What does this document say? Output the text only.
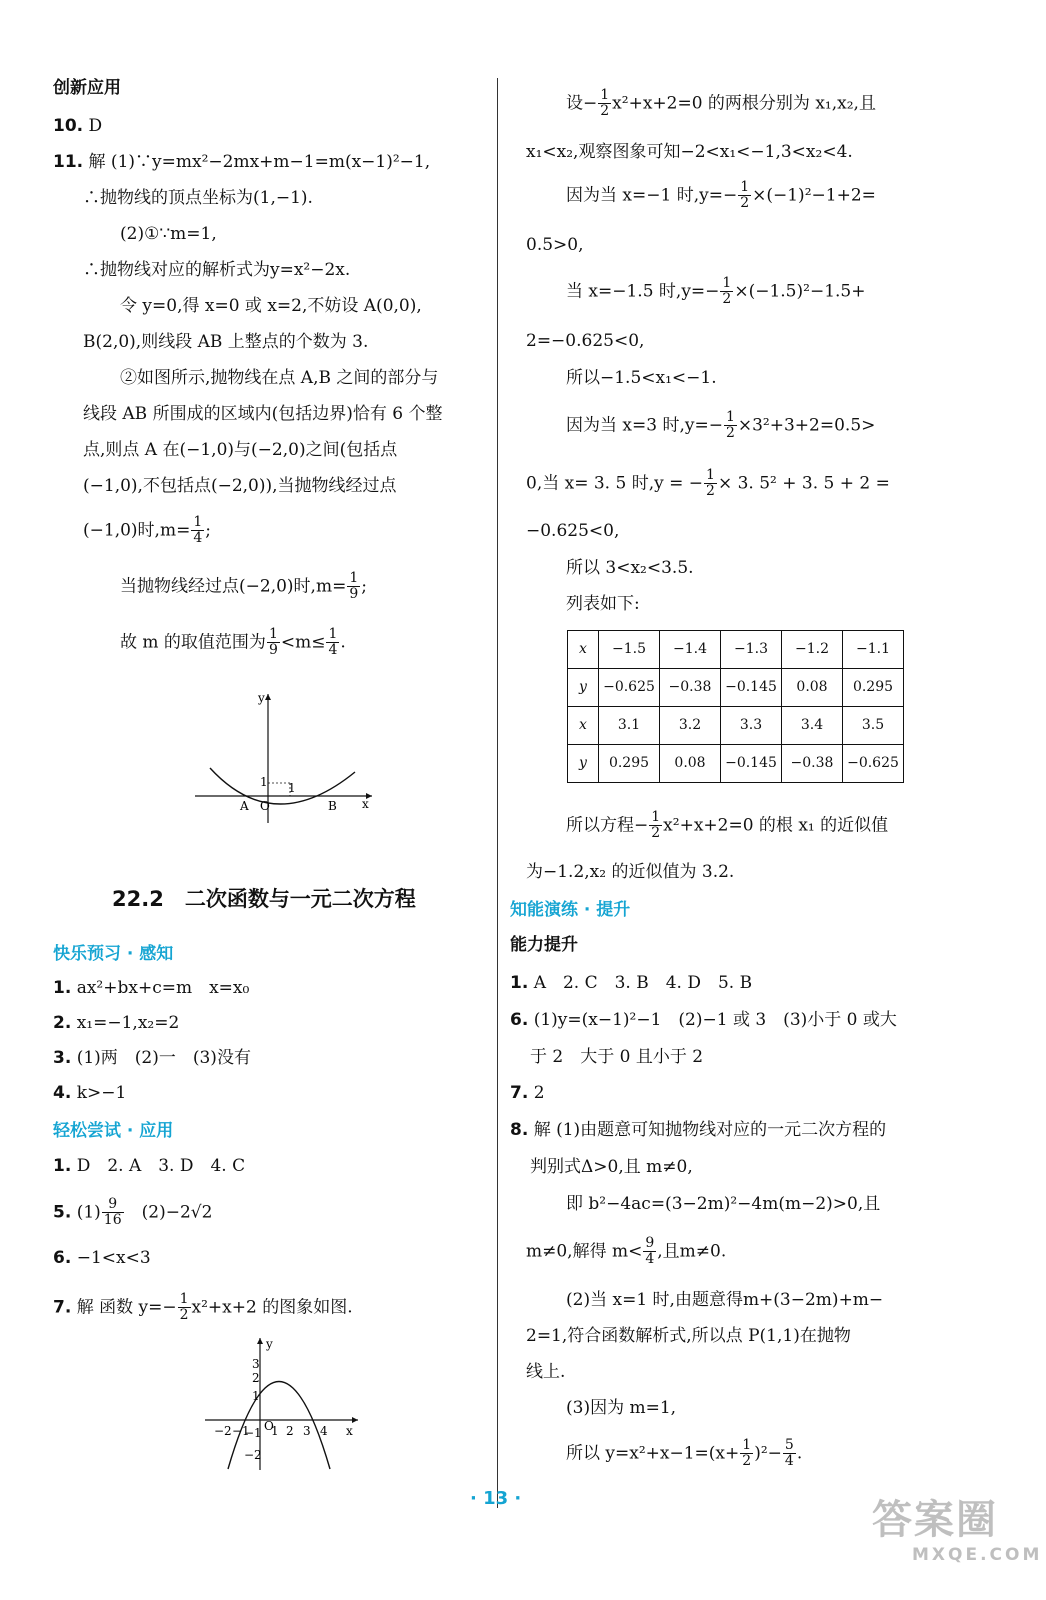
创新应用
10. D
11. 解 (1)∵y=mx²−2mx+m−1=m(x−1)²−1,
∴抛物线的顶点坐标为(1,−1).
(2)①∵m=1,
∴抛物线对应的解析式为y=x²−2x.
令 y=0,得 x=0 或 x=2,不妨设 A(0,0),
B(2,0),则线段 AB 上整点的个数为 3.
②如图所示,抛物线在点 A,B 之间的部分与
线段 AB 所围成的区域内(包括边界)恰有 6 个整
点,则点 A 在(−1,0)与(−2,0)之间(包括点
(−1,0),不包括点(−2,0)),当抛物线经过点
(−1,0)时$,m= \frac{1}{4}$ ;
当抛物线经过点(−2,0)时$,m= \frac{1}{9}$ ;
故 m 的取值范围为 $\frac{1}{9} <m\le \frac{1}{4}$ .
y
x
1 1
A O	B
22.2　二次函数与一元二次方程
快乐预习 · 感知
1. ax²+bx+c=m　x=x₀
2. x₁=−1,x₂=2
3. (1)两　(2)一　(3)没有
4. k>−1
轻松尝试 · 应用
1. D　2. A　3. D　4. C
5. $(1) \frac{9}{16}$
　 (2)−2√2
6. −1<x<3
7. 解 函数 $y=- \frac{1}{2} x^2+x+2$ 的图象如图.
y
x
O
3
2
1
−1
−2
−2 −1 1 2 3 4
设− $\frac{1}{2} x^2+x+2=0$ 的两根分别为 x₁,x₂,且
x₁<x₂,观察图象可知−2<x₁<−1,3<x₂<4.
因为当 x=−1 时$,y=- \frac{1}{2} \times(-1)^2-1+2=$
0.5>0,
当 x=−1.5 时$,y=- \frac{1}{2} \times(-1.5)^2-1.5+$
2=−0.625<0,
所以−1.5<x₁<−1.
因为当 x=3 时$,y=- \frac{1}{2} \times 3^2+3+2=0.5>$
0,当 x= 3. 5 时,y = − $\frac{1}{2} \times 3$. 5² + 3. 5 + 2 =
−0.625<0,
所以 3<x₂<3.5.
列表如下:
所以方程− $\frac{1}{2} x^2+x+2=0$ 的根 x₁ 的近似值
为−1.2,x₂ 的近似值为 3.2.
知能演练 · 提升
能力提升
1. A　2. C　3. B　4. D　5. B
6. (1)y=(x−1)²−1　(2)−1 或 3　(3)小于 0 或大
于 2　大于 0 且小于 2
7. 2
8. 解 (1)由题意可知抛物线对应的一元二次方程的
判别式Δ>0,且 m≠0,
即 b²−4ac=(3−2m)²−4m(m−2)>0,且
m≠0,解得 $m< \frac{9}{4}$ ,且m≠0.
(2)当 x=1 时,由题意得m+(3−2m)+m−
2=1,符合函数解析式,所以点 P(1,1)在抛物
线上.
(3)因为 m=1,
所以 $y=x^2+x-1=(x+ \frac{1}{2} )^2- \frac{5}{4}$ .
x	−1.5	−1.4	−1.3	−1.2	−1.1
y	−0.625	−0.38	−0.145	0.08	0.295
x	3.1	3.2	3.3	3.4	3.5
y	0.295	0.08	−0.145	−0.38	−0.625
· 13 ·	答案圈
MXQE.COM
